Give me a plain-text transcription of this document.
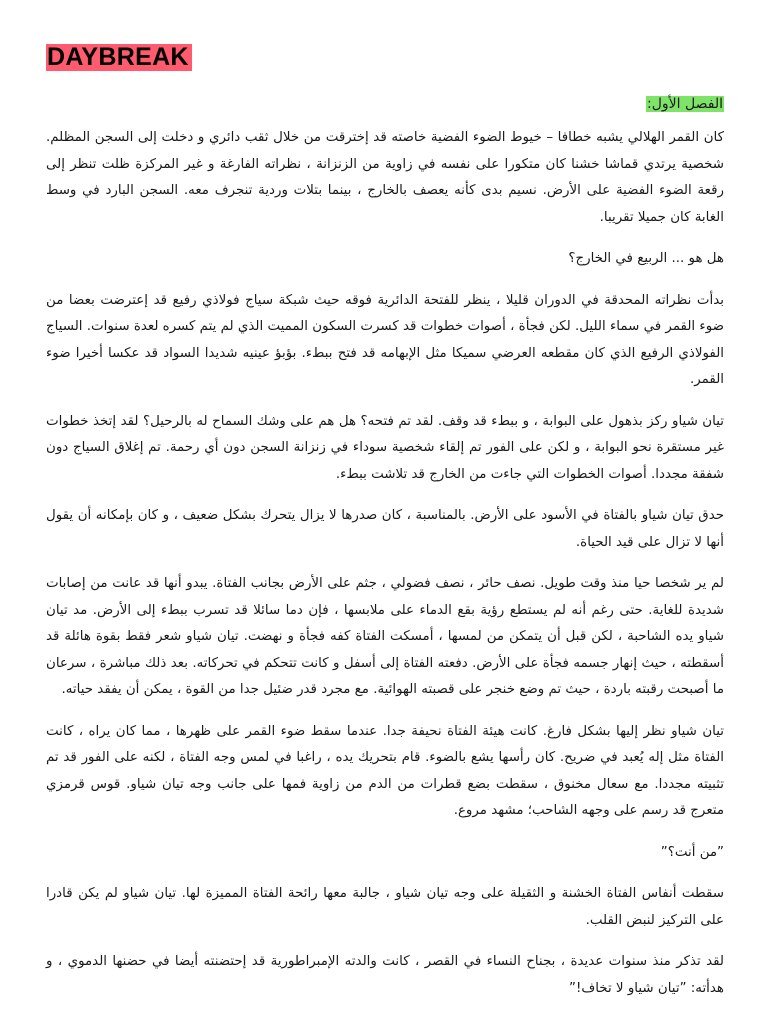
DAYBREAK
الفصل الأول:

كان القمر الهلالي يشبه خطافا – خيوط الضوء الفضية خاصته قد إخترقت من خلال ثقب دائري و دخلت إلى السجن المظلم. شخصية يرتدي قماشا خشنا كان متكورا على نفسه في زاوية من الزنزانة ، نظراته الفارغة و غير المركزة ظلت تنظر إلى رقعة الضوء الفضية على الأرض. نسيم بدى كأنه يعصف بالخارج ، بينما بتلات وردية تنجرف معه. السجن البارد في وسط الغابة كان جميلا تقريبا.

هل هو ... الربيع في الخارج؟

بدأت نظراته المحدقة في الدوران قليلا ، ينظر للفتحة الدائرية فوقه حيث شبكة سياج فولاذي رفيع قد إعترضت بعضا من ضوء القمر في سماء الليل. لكن فجأة ، أصوات خطوات قد كسرت السكون المميت الذي لم يتم كسره لعدة سنوات. السياج الفولاذي الرفيع الذي كان مقطعه العرضي سميكا مثل الإبهامه قد فتح ببطء. بؤبؤ عينيه شديدا السواد قد عكسا أخيرا ضوء القمر.

تيان شياو ركز بذهول على البوابة ، و ببطء قد وقف. لقد تم فتحه؟ هل هم على وشك السماح له بالرحيل؟ لقد إتخذ خطوات غير مستقرة نحو البوابة ، و لكن على الفور تم إلقاء شخصية سوداء في زنزانة السجن دون أي رحمة. تم إغلاق السياج دون شفقة مجددا. أصوات الخطوات التي جاءت من الخارج قد تلاشت ببطء.

حدق تيان شياو بالفتاة في الأسود على الأرض. بالمناسبة ، كان صدرها لا يزال يتحرك بشكل ضعيف ، و كان بإمكانه أن يقول أنها لا تزال على قيد الحياة.

لم ير شخصا حيا منذ وقت طويل. نصف حائر ، نصف فضولي ، جثم على الأرض بجانب الفتاة. يبدو أنها قد عانت من إصابات شديدة للغاية. حتى رغم أنه لم يستطع رؤية بقع الدماء على ملابسها ، فإن دما سائلا قد تسرب ببطء إلى الأرض. مد تيان شياو يده الشاحبة ، لكن قبل أن يتمكن من لمسها ، أمسكت الفتاة كفه فجأة و نهضت. تيان شياو شعر فقط بقوة هائلة قد أسقطته ، حيث إنهار جسمه فجأة على الأرض. دفعته الفتاة إلى أسفل و كانت تتحكم في تحركاته. بعد ذلك مباشرة ، سرعان ما أصبحت رقبته باردة ، حيث تم وضع خنجر على قصبته الهوائية. مع مجرد قدر ضئيل جدا من القوة ، يمكن أن يفقد حياته.

تيان شياو نظر إليها بشكل فارغ. كانت هيئة الفتاة نحيفة جدا. عندما سقط ضوء القمر على ظهرها ، مما كان يراه ، كانت الفتاة مثل إله يُعبد في ضريح. كان رأسها يشع بالضوء. قام بتحريك يده ، راغبا في لمس وجه الفتاة ، لكنه على الفور قد تم تثبيته مجددا. مع سعال مخنوق ، سقطت بضع قطرات من الدم من زاوية فمها على جانب وجه تيان شياو. قوس قرمزي متعرج قد رسم على وجهه الشاحب؛ مشهد مروع.

”من أنت؟”

سقطت أنفاس الفتاة الخشنة و الثقيلة على وجه تيان شياو ، جالبة معها رائحة الفتاة المميزة لها. تيان شياو لم يكن قادرا على التركيز لنبض القلب.

لقد تذكر منذ سنوات عديدة ، بجناح النساء في القصر ، كانت والدته الإمبراطورية قد إحتضنته أيضا في حضنها الدموي ، و هدأته: ”تيان شياو لا تخاف!”
